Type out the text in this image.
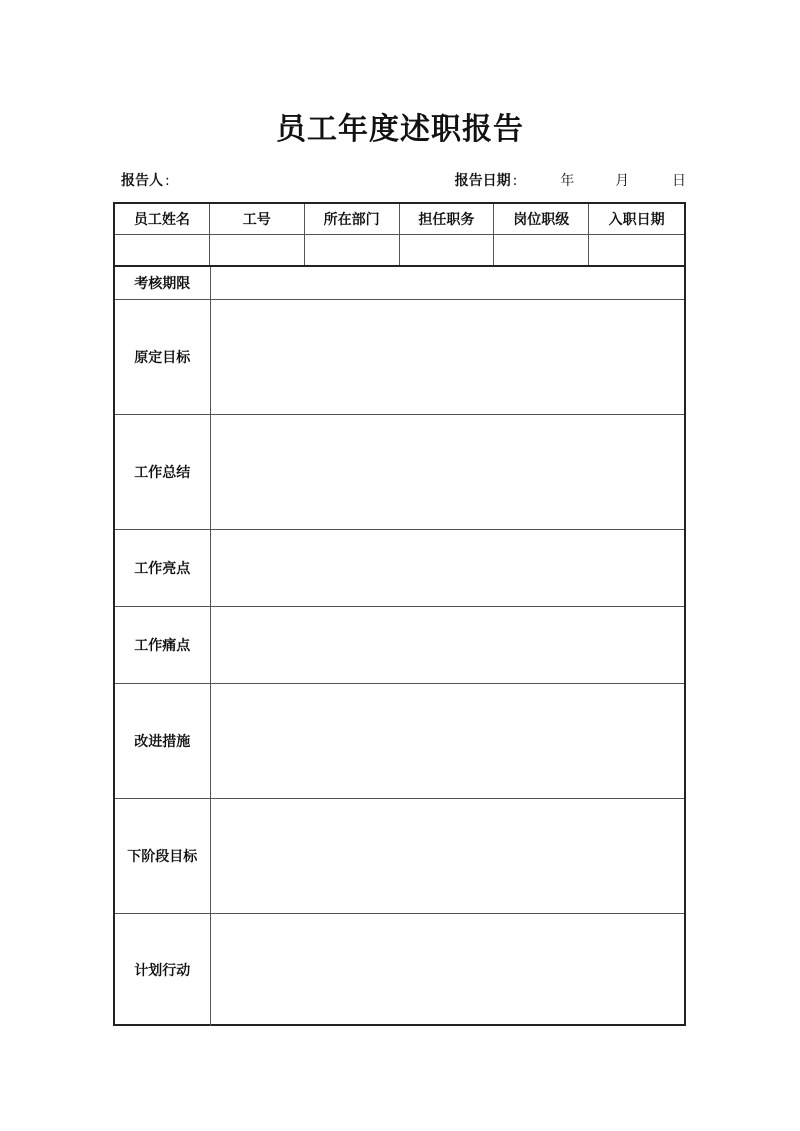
员工年度述职报告
报告人 :	报告日期 :	年	月	日
员工姓名	工号	所在部门	担任职务	岗位职级	入职日期
考核期限	
原定目标	
工作总结	
工作亮点	
工作痛点	
改进措施	
下阶段目标	
计划行动	
